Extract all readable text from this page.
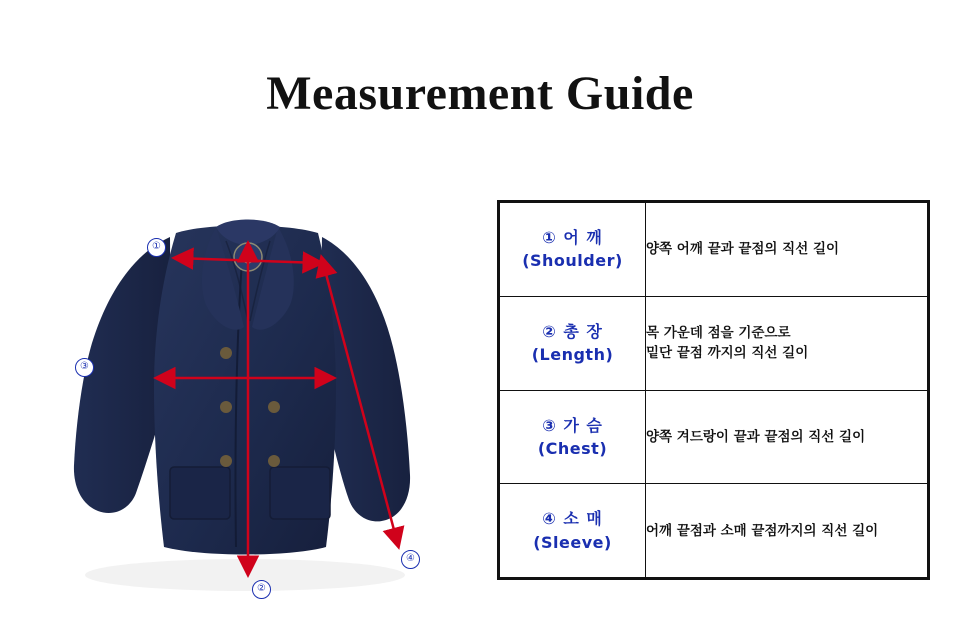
Measurement Guide
①
②
③
④
① 어 깨
(Shoulder)	양쪽 어깨 끝과 끝점의 직선 길이

② 총 장
(Length)	목 가운데 점을 기준으로
밑단 끝점 까지의 직선 길이

③ 가 슴
(Chest)	양쪽 겨드랑이 끝과 끝점의 직선 길이

④ 소 매
(Sleeve)	어깨 끝점과 소매 끝점까지의 직선 길이
